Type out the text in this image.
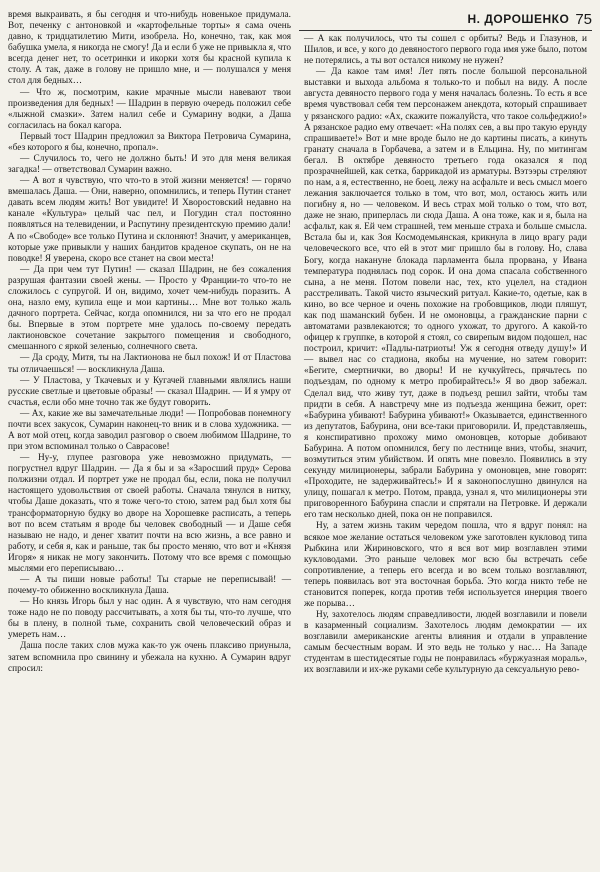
Н. ДОРОШЕНКО 75

время выкраивать, я бы сегодня и что-нибудь новенькое придумала. Вот, печенку с антоновкой и «картофельные торты» я сама очень давно, к тридцатилетию Мити, изобрела. Но, конечно, так, как моя бабушка умела, я никогда не смогу! Да и если б уже не привыкла я, что всегда денег нет, то осетринки и икорки хотя бы красной купила к столу. А так, даже в голову не пришло мне, и — полушался у меня стол для бедных…

— Что ж, посмотрим, какие мрачные мысли навевают твои произведения для бедных! — Шадрин в первую очередь положил себе «лыжной смазки». Затем налил себе и Сумарину водки, а Даша согласилась на бокал кагора.

Первый тост Шадрин предложил за Виктора Петровича Сумарина, «без которого я бы, конечно, пропал».

— Случилось то, чего не должно быть! И это для меня великая загадка! — ответствовал Сумарин важно.

— А вот я чувствую, что что-то в этой жизни меняется! — горячо вмешалась Даша. — Они, наверно, опомнились, и теперь Путин станет давать всем людям жить! Вот увидите! И Хворостовский недавно на канале «Культура» целый час пел, и Погудин стал постоянно появляться на телевидении, и Распутину президентскую премию дали! А по «Свободе» все только Путина и склоняют! Значит, у американцев, которые уже привыкли у наших бандитов краденое скупать, он не на поводке! Я уверена, скоро все станет на свои места!

— Да при чем тут Путин! — сказал Шадрин, не без сожаления разрушая фантазии своей жены. — Просто у Франции-то что-то не сложилось с супругой. И он, видимо, хочет чем-нибудь поразить. А она, назло ему, купила еще и мои картины… Мне вот только жаль дачного портрета. Сейчас, когда опомнился, ни за что его не продал бы. Впервые в этом портрете мне удалось по-своему передать лактионовское сочетание закрытого помещения и свободного, смешанного с яркой зеленью, солнечного света.

— Да сроду, Митя, ты на Лактионова не был похож! И от Пластова ты отличаешься! — воскликнула Даша.

— У Пластова, у Ткачевых и у Кугачей главными являлись наши русские светлые и цветовые образы! — сказал Шадрин. — И я умру от счастья, если обо мне точно так же будут говорить.

— Ах, какие же вы замечательные люди! — Попробовав понемногу почти всех закусок, Сумарин наконец-то вник и в слова художника. — А вот мой отец, когда заводил разговор о своем любимом Шадрине, то при этом вспоминал только о Саврасове!

— Ну-у, глупее разговора уже невозможно придумать, — погрустнел вдруг Шадрин. — Да я бы и за «Заросший пруд» Серова полжизни отдал. И портрет уже не продал бы, если, пока не получил настоящего удовольствия от своей работы. Сначала тянулся в нитку, чтобы Даше доказать, что я тоже чего-то стою, затем рад был хотя бы трансформаторную будку во дворе на Хорошевке расписать, а теперь вот по всем статьям я вроде бы человек свободный — и Даше себя называю не надо, и денег хватит почти на всю жизнь, а все равно и работу, и себя я, как и раньше, так бы просто меняю, что вот и «Князя Игоря» я никак не могу закончить. Потому что все время с помощью мыслями его переписываю…

— А ты пиши новые работы! Ты старые не переписывай! — почему-то обиженно воскликнула Даша.

— Но князь Игорь был у нас один. А я чувствую, что нам сегодня тоже надо не по поводу рассчитывать, а хотя бы ты, что-то лучше, что бы в плену, в полной тьме, сохранить свой человеческий образ и умереть нам…

Даша после таких слов мужа как-то уж очень плаксиво приуныла, затем вспомнила про свинину и убежала на кухню. А Сумарин вдруг спросил:

— А как получилось, что ты сошел с орбиты? Ведь и Глазунов, и Шилов, и все, у кого до девяностого первого года имя уже было, потом не потерялись, а ты вот остался никому не нужен?

— Да какое там имя! Лет пять после большой персональной выставки и выхода альбома я только-то и побыл на виду. А после августа девяносто первого года у меня началась болезнь. То есть я все время чувствовал себя тем персонажем анекдота, который спрашивает у рязанского радио: «Ах, скажите пожалуйста, что такое сольфеджио!» А рязанское радио ему отвечает: «На полях сев, а вы про такую ерунду спрашиваете!» Вот и мне вроде было не до картины писать, а кинуть гранату сначала в Горбачева, а затем и в Ельцина. Ну, по митингам бегал. В октябре девяносто третьего года оказался я под прозрачнейшей, как сетка, баррикадой из арматуры. Вэтээры стреляют по нам, а я, естественно, не боец, лежу на асфальте и весь смысл моего лежания заключается только в том, что вот, мол, остаюсь жить или погибну я, но — человеком. И весь страх мой только о том, что вот, даже не знаю, приперлась ли сюда Даша. А она тоже, как и я, была на асфальт, как я. Ей чем страшней, тем меньше страха и больше смысла. Встала бы и, как Зоя Космодемьянская, крикнула в лицо врагу ради человеческого все, что ей в этот миг пришло бы в голову. Но, слава Богу, когда накануне блокада парламента была прорвана, у Ивана температура поднялась под сорок. И она дома спасала собственного сына, а не меня. Потом повели нас, тех, кто уцелел, на стадион расстреливать. Такой чисто языческий ритуал. Какие-то, одетые, как в кино, во все черное и очень похожие на гробовщиков, люди пляшут, как под шаманский бубен. И не омоновцы, а гражданские парни с автоматами развлекаются; то одного ухожат, то другого. А какой-то офицер к группке, в которой я стоял, со свирепым видом подошел, нас построил, кричит: «Падлы-патриоты! Уж я сегодня отведу душу!» И — вывел нас со стадиона, якобы на мучение, но затем говорит: «Бегите, смертнички, во дворы! И не кучкуйтесь, прячьтесь по подъездам, по одному к метро пробирайтесь!» Я во двор забежал. Сделал вид, что живу тут, даже в подъезд решил зайти, чтобы там придти в себя. А навстречу мне из подъезда женщина бежит, орет: «Бабурина убивают! Бабурина убивают!» Оказывается, единственного из депутатов, Бабурина, они все-таки приговорили. И, представляешь, я конспиративно прохожу мимо омоновцев, которые добивают Бабурина. А потом опомнился, бегу по лестнице вниз, чтобы, значит, возмутиться этим убийством. И опять мне повезло. Появились в эту секунду милиционеры, забрали Бабурина у омоновцев, мне говорят: «Проходите, не задерживайтесь!» И я законопослушно двинулся на улицу, пошагал к метро. Потом, правда, узнал я, что милиционеры эти приговоренного Бабурина спасли и спрятали на Петровке. И держали его там несколько дней, пока он не поправился.

Ну, а затем жизнь таким чередом пошла, что я вдруг понял: на всякое мое желание остаться человеком уже заготовлен кукловод типа Рыбкина или Жириновского, что я вся вот мир возглавлен этими кукловодами. Это раньше человек мог всю бы встречать себе сопротивление, а теперь его всегда и во всем только возглавляют, теперь появилась вот эта восточная борьба. Это когда никто тебе не становится поперек, когда против тебя используется инерция твоего же порыва…

Ну, захотелось людям справедливости, людей возглавили и повели в казарменный социализм. Захотелось людям демократии — их возглавили американские агенты влияния и отдали в управление самым бесчестным ворам. И это ведь не только у нас… На Западе студентам в шестидесятые годы не понравилась «буржуазная мораль», их возглавили и их-же руками себе культурную да сексуальную рево-
